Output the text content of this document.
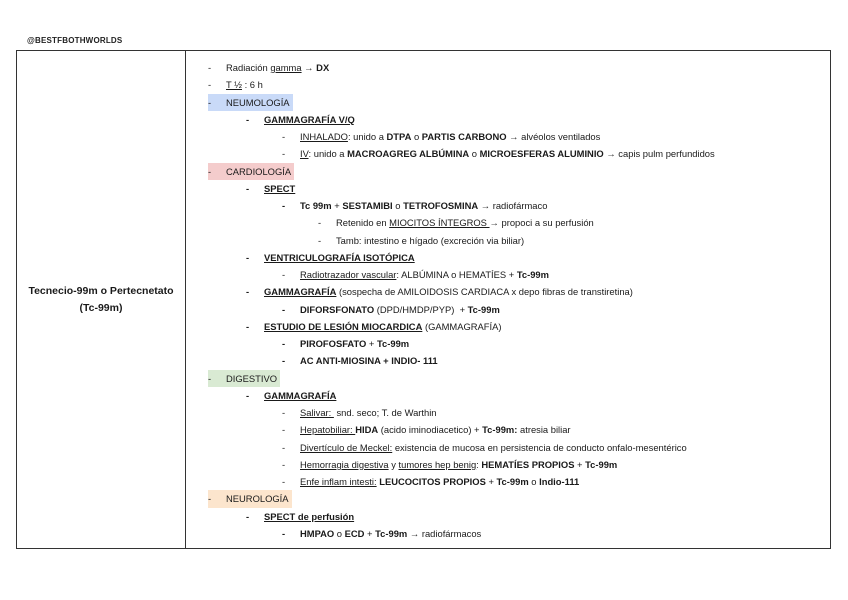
@BESTFBOTHWORLDS
Tecnecio-99m o Pertecnetato
(Tc-99m)
-	Radiación gamma → DX
-	T ½ : 6 h
-	NEUMOLOGÍA
-	GAMMAGRAFÍA V/Q
-	INHALADO: unido a DTPA o PARTIS CARBONO → alvéolos ventilados
-	IV: unido a MACROAGREG ALBÚMINA o MICROESFERAS ALUMINIO → capis pulm perfundidos
-	CARDIOLOGÍA
-	SPECT
-	Tc 99m + SESTAMIBI o TETROFOSMINA → radiofármaco
-	Retenido en MIOCITOS ÍNTEGROS → propoci a su perfusión
-	Tamb: intestino e hígado (excreción via biliar)
-	VENTRICULOGRAFÍA ISOTÓPICA
-	Radiotrazador vascular: ALBÚMINA o HEMATÍES + Tc-99m
-	GAMMAGRAFÍA (sospecha de AMILOIDOSIS CARDIACA x depo fibras de transtiretina)
-	DIFORSFONATO (DPD/HMDP/PYP)  + Tc-99m
-	ESTUDIO DE LESIÓN MIOCARDICA (GAMMAGRAFÍA)
-	PIROFOSFATO + Tc-99m
-	AC ANTI-MIOSINA + INDIO- 111
-	DIGESTIVO
-	GAMMAGRAFÍA
-	Salivar:  snd. seco; T. de Warthin
-	Hepatobiliar: HIDA (acido iminodiacetico) + Tc-99m: atresia biliar
-	Divertículo de Meckel: existencia de mucosa en persistencia de conducto onfalo-mesentérico
-	Hemorragia digestiva y tumores hep benig: HEMATÍES PROPIOS + Tc-99m
-	Enfe inflam intesti: LEUCOCITOS PROPIOS + Tc-99m o Indio-111
-	NEUROLOGÍA
-	SPECT de perfusión
-	HMPAO o ECD + Tc-99m → radiofármacos
